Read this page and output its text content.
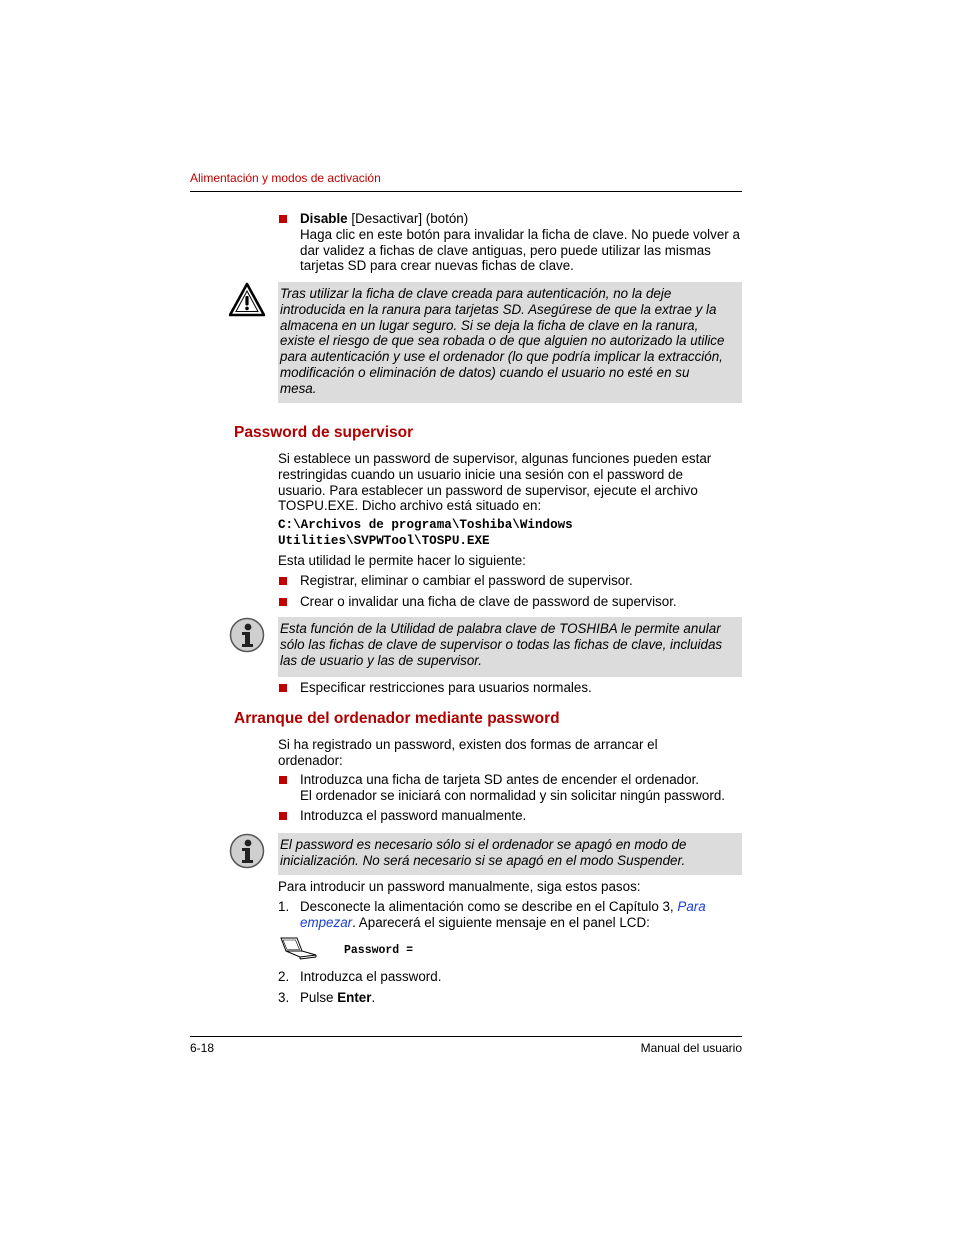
Alimentación y modos de activación
Disable [Desactivar] (botón)
Haga clic en este botón para invalidar la ficha de clave. No puede volver a dar validez a fichas de clave antiguas, pero puede utilizar las mismas tarjetas SD para crear nuevas fichas de clave.
Tras utilizar la ficha de clave creada para autenticación, no la deje
introducida en la ranura para tarjetas SD. Asegúrese de que la extrae y la
almacena en un lugar seguro. Si se deja la ficha de clave en la ranura,
existe el riesgo de que sea robada o de que alguien no autorizado la utilice
para autenticación y use el ordenador (lo que podría implicar la extracción,
modificación o eliminación de datos) cuando el usuario no esté en su
mesa.
Password de supervisor
Si establece un password de supervisor, algunas funciones pueden estar
restringidas cuando un usuario inicie una sesión con el password de
usuario. Para establecer un password de supervisor, ejecute el archivo
TOSPU.EXE. Dicho archivo está situado en:
C:\Archivos de programa\Toshiba\Windows
Utilities\SVPWTool\TOSPU.EXE
Esta utilidad le permite hacer lo siguiente:
Registrar, eliminar o cambiar el password de supervisor.
Crear o invalidar una ficha de clave de password de supervisor.
Esta función de la Utilidad de palabra clave de TOSHIBA le permite anular
sólo las fichas de clave de supervisor o todas las fichas de clave, incluidas
las de usuario y las de supervisor.
Especificar restricciones para usuarios normales.
Arranque del ordenador mediante password
Si ha registrado un password, existen dos formas de arrancar el
ordenador:
Introduzca una ficha de tarjeta SD antes de encender el ordenador.
El ordenador se iniciará con normalidad y sin solicitar ningún password.
Introduzca el password manualmente.
El password es necesario sólo si el ordenador se apagó en modo de
inicialización. No será necesario si se apagó en el modo Suspender.
Para introducir un password manualmente, siga estos pasos:
1. Desconecte la alimentación como se describe en el Capítulo 3, Para
empezar. Aparecerá el siguiente mensaje en el panel LCD:
Password =
2. Introduzca el password.
3. Pulse Enter.
6-18	Manual del usuario
